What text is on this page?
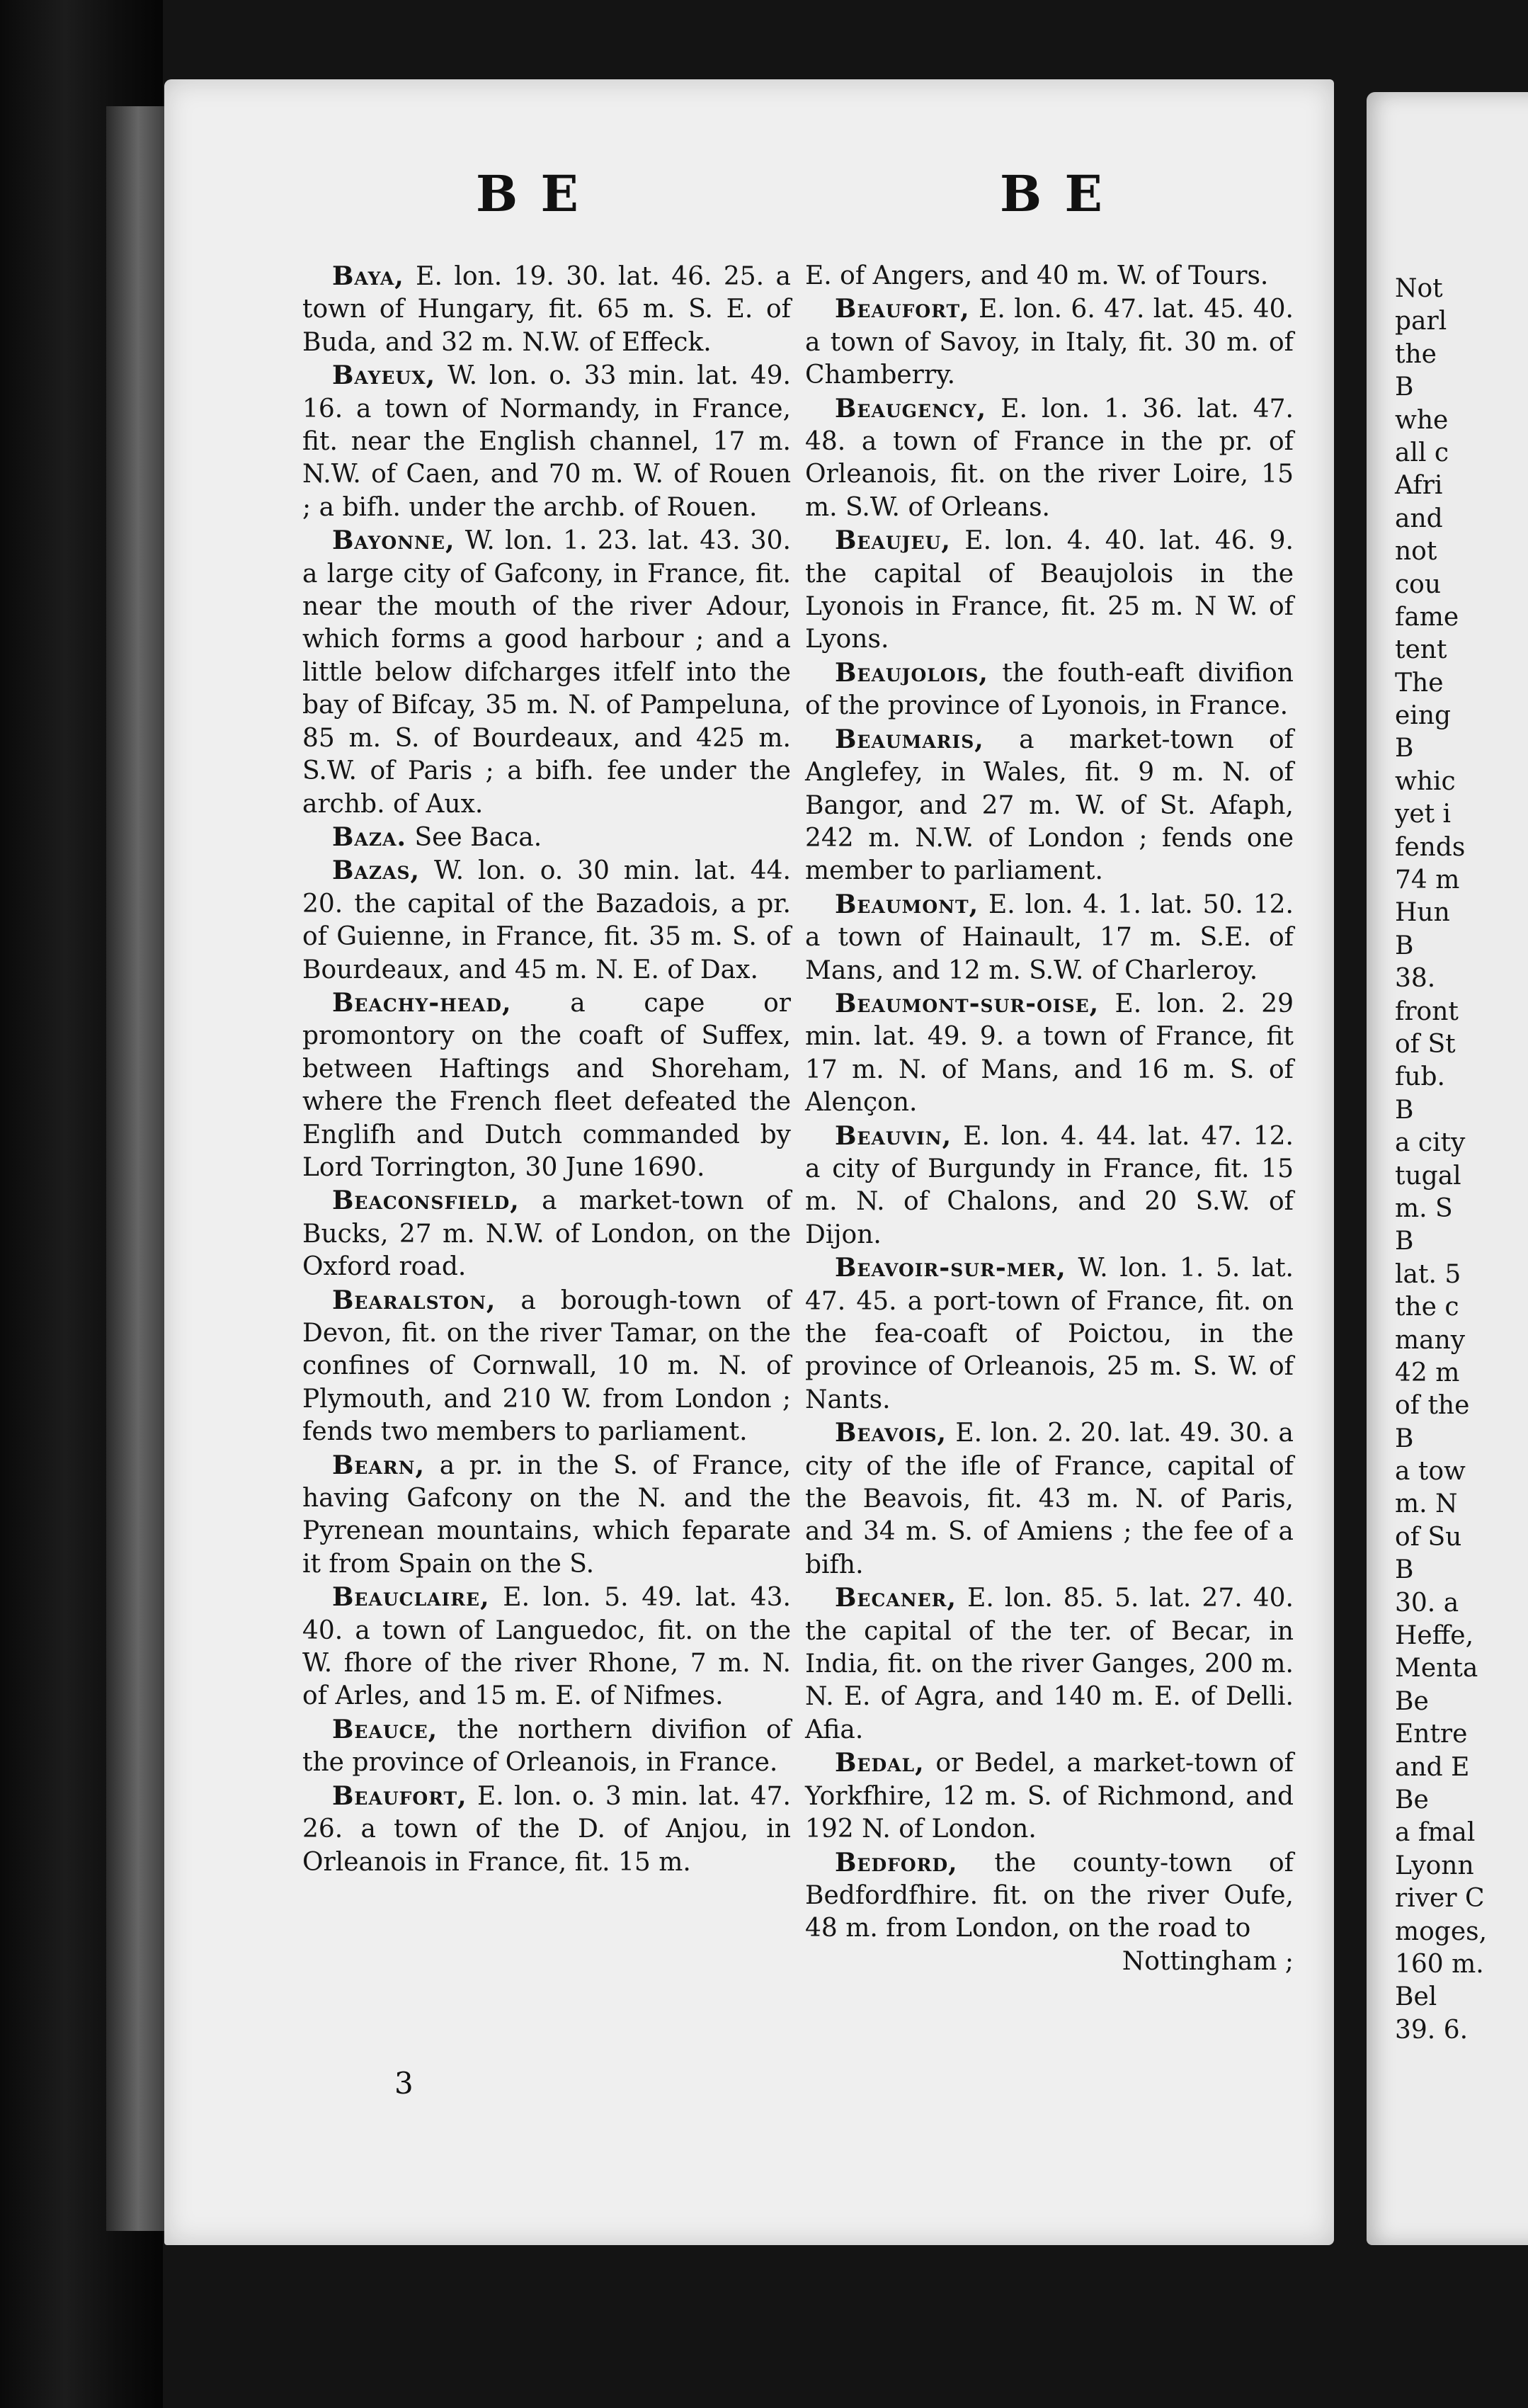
B E	B E

Baya, E. lon. 19. 30. lat. 46. 25. a town of Hungary, fit. 65 m. S. E. of Buda, and 32 m. N.W. of Effeck.

Bayeux, W. lon. o. 33 min. lat. 49. 16. a town of Normandy, in France, fit. near the English channel, 17 m. N.W. of Caen, and 70 m. W. of Rouen ; a bifh. under the archb. of Rouen.

Bayonne, W. lon. 1. 23. lat. 43. 30. a large city of Gafcony, in France, fit. near the mouth of the river Adour, which forms a good harbour ; and a little below difcharges itfelf into the bay of Bifcay, 35 m. N. of Pampeluna, 85 m. S. of Bourdeaux, and 425 m. S.W. of Paris ; a bifh. fee under the archb. of Aux.

Baza. See Baca.

Bazas, W. lon. o. 30 min. lat. 44. 20. the capital of the Bazadois, a pr. of Guienne, in France, fit. 35 m. S. of Bourdeaux, and 45 m. N. E. of Dax.

Beachy-head, a cape or promontory on the coaft of Suffex, between Haftings and Shoreham, where the French fleet defeated the Englifh and Dutch commanded by Lord Torrington, 30 June 1690.

Beaconsfield, a market-town of Bucks, 27 m. N.W. of London, on the Oxford road.

Bearalston, a borough-town of Devon, fit. on the river Tamar, on the confines of Cornwall, 10 m. N. of Plymouth, and 210 W. from London ; fends two members to parliament.

Bearn, a pr. in the S. of France, having Gafcony on the N. and the Pyrenean mountains, which feparate it from Spain on the S.

Beauclaire, E. lon. 5. 49. lat. 43. 40. a town of Languedoc, fit. on the W. fhore of the river Rhone, 7 m. N. of Arles, and 15 m. E. of Nifmes.

Beauce, the northern divifion of the province of Orleanois, in France.

Beaufort, E. lon. o. 3 min. lat. 47. 26. a town of the D. of Anjou, in Orleanois in France, fit. 15 m.

E. of Angers, and 40 m. W. of Tours.

Beaufort, E. lon. 6. 47. lat. 45. 40. a town of Savoy, in Italy, fit. 30 m. of Chamberry.

Beaugency, E. lon. 1. 36. lat. 47. 48. a town of France in the pr. of Orleanois, fit. on the river Loire, 15 m. S.W. of Orleans.

Beaujeu, E. lon. 4. 40. lat. 46. 9. the capital of Beaujolois in the Lyonois in France, fit. 25 m. N W. of Lyons.

Beaujolois, the fouth-eaft divifion of the province of Lyonois, in France.

Beaumaris, a market-town of Anglefey, in Wales, fit. 9 m. N. of Bangor, and 27 m. W. of St. Afaph, 242 m. N.W. of London ; fends one member to parliament.

Beaumont, E. lon. 4. 1. lat. 50. 12. a town of Hainault, 17 m. S.E. of Mans, and 12 m. S.W. of Charleroy.

Beaumont-sur-oise, E. lon. 2. 29 min. lat. 49. 9. a town of France, fit 17 m. N. of Mans, and 16 m. S. of Alençon.

Beauvin, E. lon. 4. 44. lat. 47. 12. a city of Burgundy in France, fit. 15 m. N. of Chalons, and 20 S.W. of Dijon.

Beavoir-sur-mer, W. lon. 1. 5. lat. 47. 45. a port-town of France, fit. on the fea-coaft of Poictou, in the province of Orleanois, 25 m. S. W. of Nants.

Beavois, E. lon. 2. 20. lat. 49. 30. a city of the ifle of France, capital of the Beavois, fit. 43 m. N. of Paris, and 34 m. S. of Amiens ; the fee of a bifh.

Becaner, E. lon. 85. 5. lat. 27. 40. the capital of the ter. of Becar, in India, fit. on the river Ganges, 200 m. N. E. of Agra, and 140 m. E. of Delli. Afia.

Bedal, or Bedel, a market-town of Yorkfhire, 12 m. S. of Richmond, and 192 N. of London.

Bedford, the county-town of Bedfordfhire. fit. on the river Oufe, 48 m. from London, on the road to

Nottingham ;

3
Not
parl
the
B
whe
all c
Afri
and
not
cou
fame
tent
The
eing
B
whic
yet i
fends
74 m
Hun
B
38.
front
of St
fub.
B
a city
tugal
m. S
B
lat. 5
the c
many
42 m
of the
B
a tow
m. N
of Su
B
30. a
Heffe,
Menta
Be
Entre
and E
Be
a fmal
Lyonn
river C
moges,
160 m.
Bel
39. 6.
